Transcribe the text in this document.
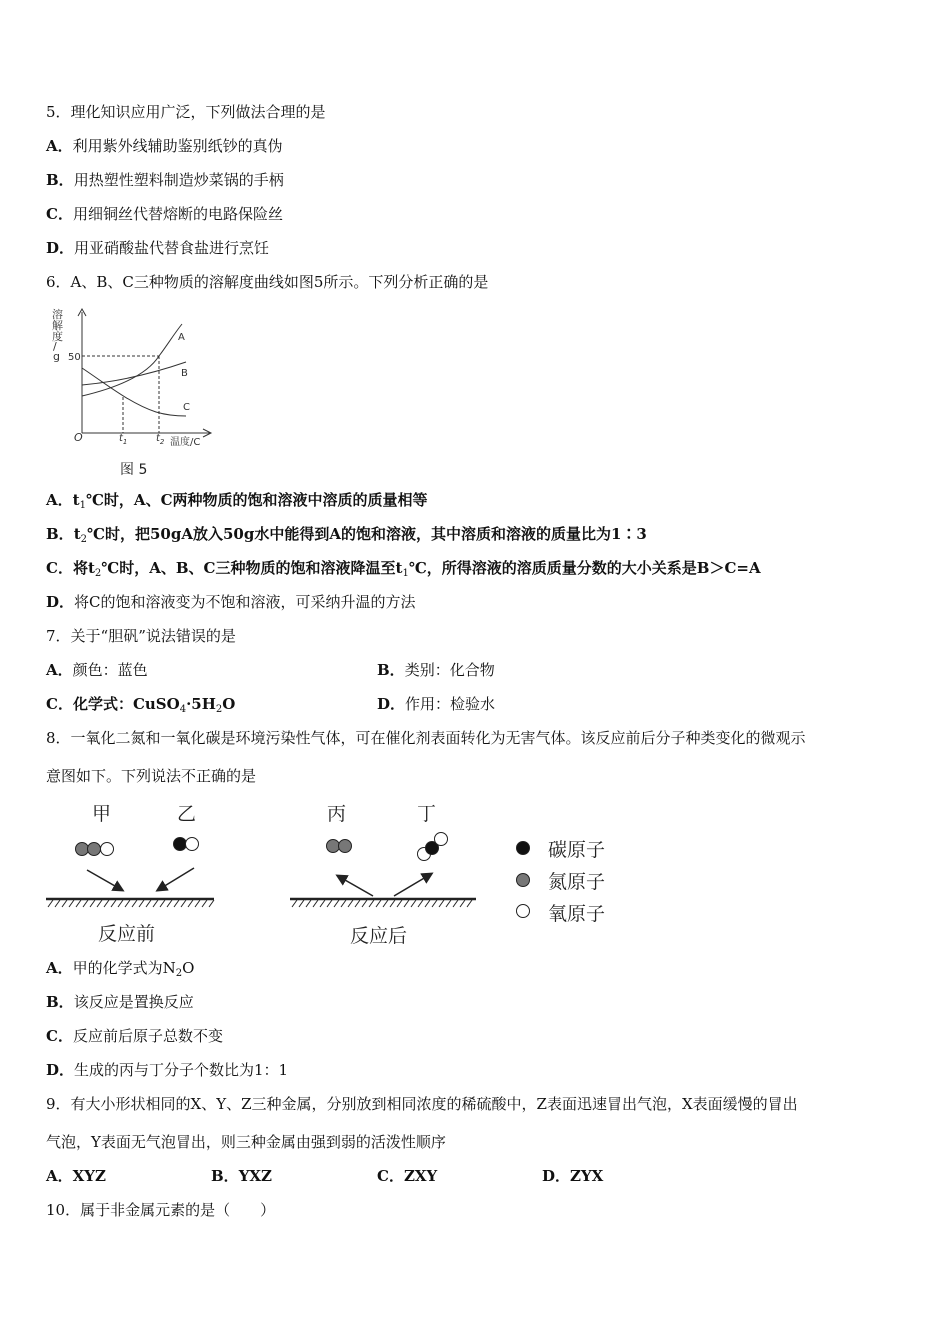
5．理化知识应用广泛，下列做法合理的是
A．利用紫外线辅助鉴别纸钞的真伪
B．用热塑性塑料制造炒菜锅的手柄
C．用细铜丝代替熔断的电路保险丝
D．用亚硝酸盐代替食盐进行烹饪
6．A、B、C三种物质的溶解度曲线如图5所示。下列分析正确的是
溶
解
度
/
g 50
O	$t_1$	$t_2$ 温度/C
A
B
C
图 5
A．$t_1℃$时，A、C两种物质的饱和溶液中溶质的质量相等
B．$t_2℃$时，把50gA放入50g水中能得到A的饱和溶液，其中溶质和溶液的质量比为1∶3
C．将$t_2℃$时，A、B、C三种物质的饱和溶液降温至$t_1℃$，所得溶液的溶质质量分数的大小关系是B＞C=A
D．将C的饱和溶液变为不饱和溶液，可采纳升温的方法
7．关于“胆矾”说法错误的是
A．颜色：蓝色	B．类别：化合物
C．化学式：$CuSO_4\cdot 5H_2O$	D．作用：检验水
8．一氧化二氮和一氧化碳是环境污染性气体，可在催化剂表面转化为无害气体。该反应前后分子种类变化的微观示
意图如下。下列说法不正确的是
甲	乙	丙	丁
反应前	反应后
碳原子
氮原子
氧原子
A．甲的化学式为$N_2O$
B．该反应是置换反应
C．反应前后原子总数不变
D．生成的丙与丁分子个数比为1：1
9．有大小形状相同的X、Y、Z三种金属，分别放到相同浓度的稀硫酸中，Z表面迅速冒出气泡，X表面缓慢的冒出
气泡，Y表面无气泡冒出，则三种金属由强到弱的活泼性顺序
A．XYZ	B．YXZ	C．ZXY	D．ZYX
10．属于非金属元素的是（　　）
